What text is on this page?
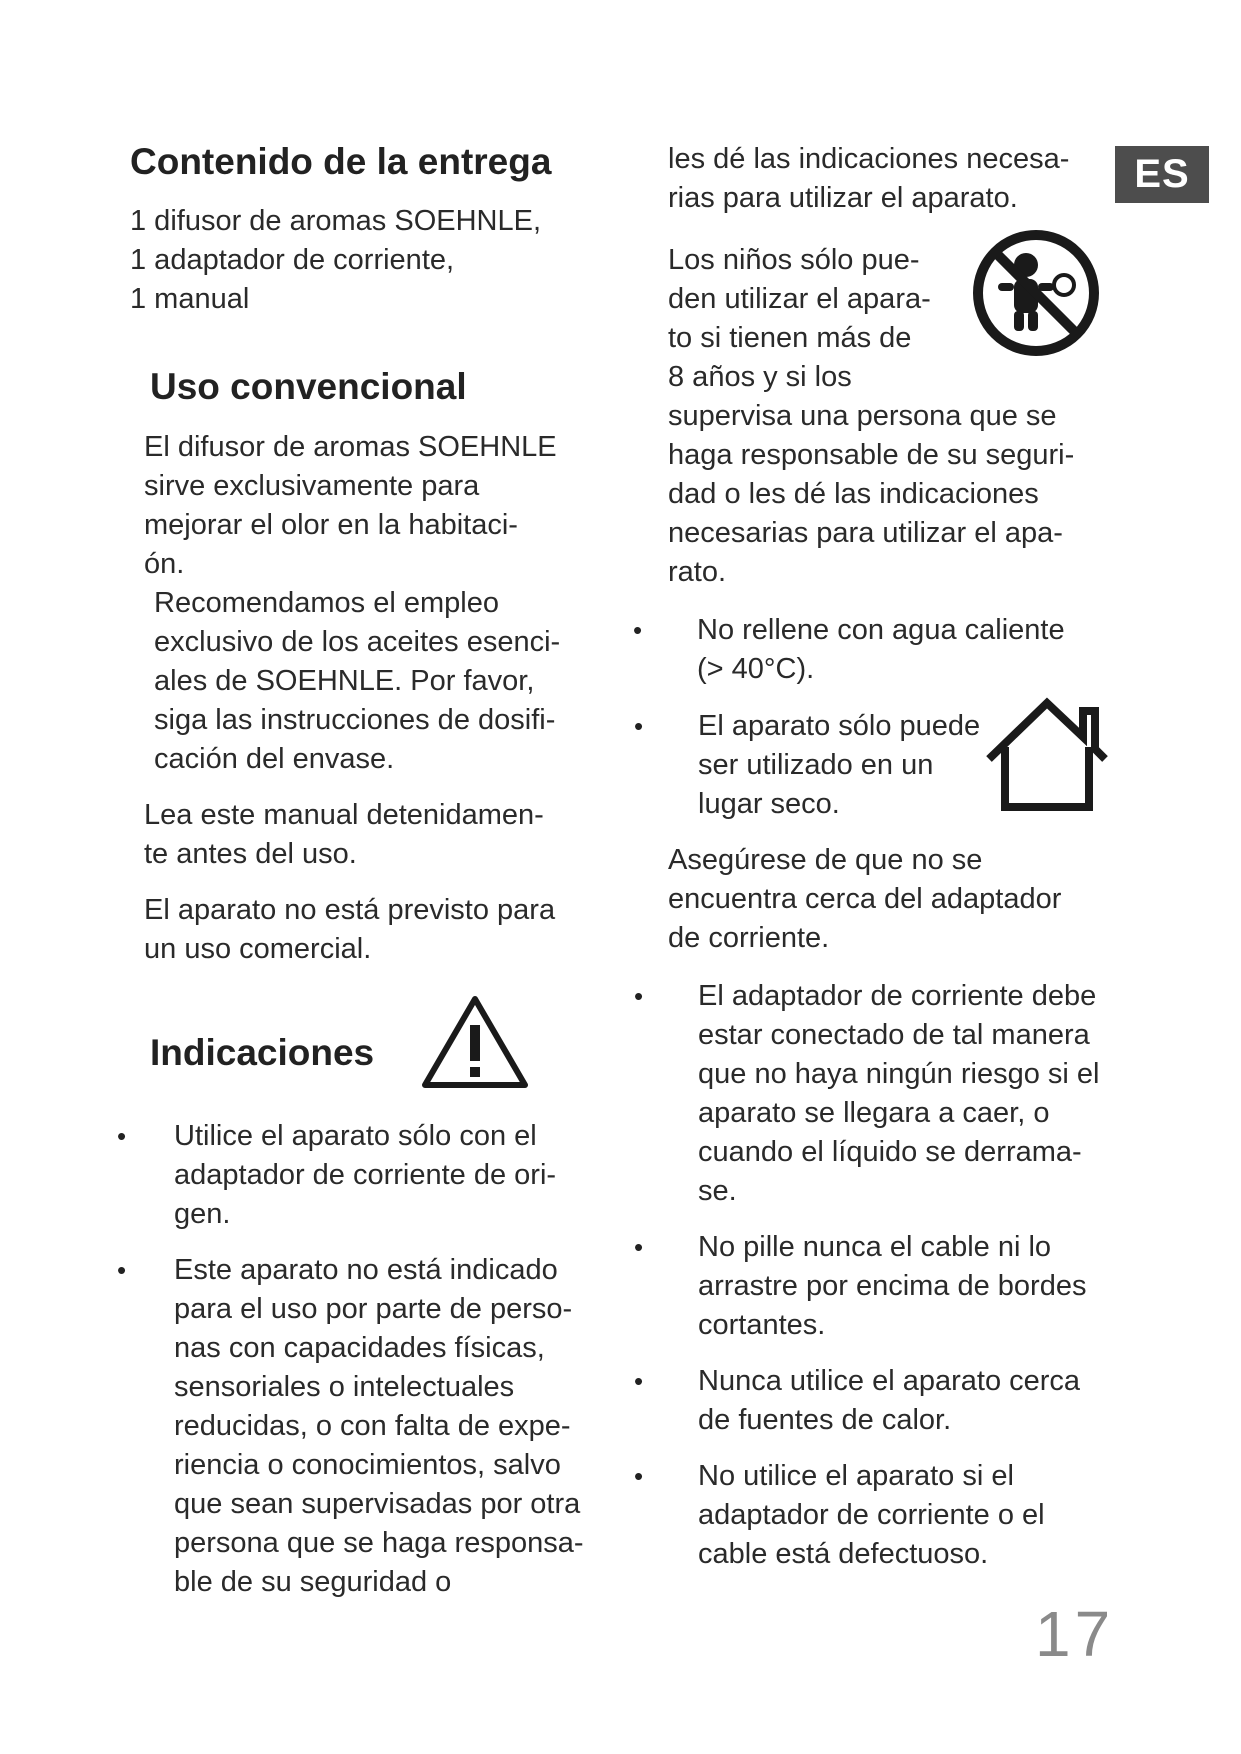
ES
Contenido de la entrega

1 difusor de aromas SOEHNLE,

1 adaptador de corriente,

1 manual

Uso convencional

El difusor de aromas SOEHNLE
sirve exclusivamente para
mejorar el olor en la habitaci-
ón.

Recomendamos el empleo
exclusivo de los aceites esenci-
ales de SOEHNLE. Por favor,
siga las instrucciones de dosifi-
cación del envase.

Lea este manual detenidamen-
te antes del uso.

El aparato no está previsto para
un uso comercial.

Indicaciones
• Utilice el aparato sólo con el
adaptador de corriente de ori-
gen.

• Este aparato no está indicado
para el uso por parte de perso-
nas con capacidades físicas,
sensoriales o intelectuales
reducidas, o con falta de expe-
riencia o conocimientos, salvo
que sean supervisadas por otra
persona que se haga responsa-
ble de su seguridad o

les dé las indicaciones necesa-
rias para utilizar el aparato.

Los niños sólo pue-
den utilizar el apara-
to si tienen más de
8 años y si los

supervisa una persona que se
haga responsable de su seguri-
dad o les dé las indicaciones
necesarias para utilizar el apa-
rato.

• No rellene con agua caliente
(> 40°C).

• El aparato sólo puede
ser utilizado en un
lugar seco.

Asegúrese de que no se
encuentra cerca del adaptador
de corriente.

• El adaptador de corriente debe
estar conectado de tal manera
que no haya ningún riesgo si el
aparato se llegara a caer, o
cuando el líquido se derrama-
se.

• No pille nunca el cable ni lo
arrastre por encima de bordes
cortantes.

• Nunca utilice el aparato cerca
de fuentes de calor.

• No utilice el aparato si el
adaptador de corriente o el
cable está defectuoso.

17
